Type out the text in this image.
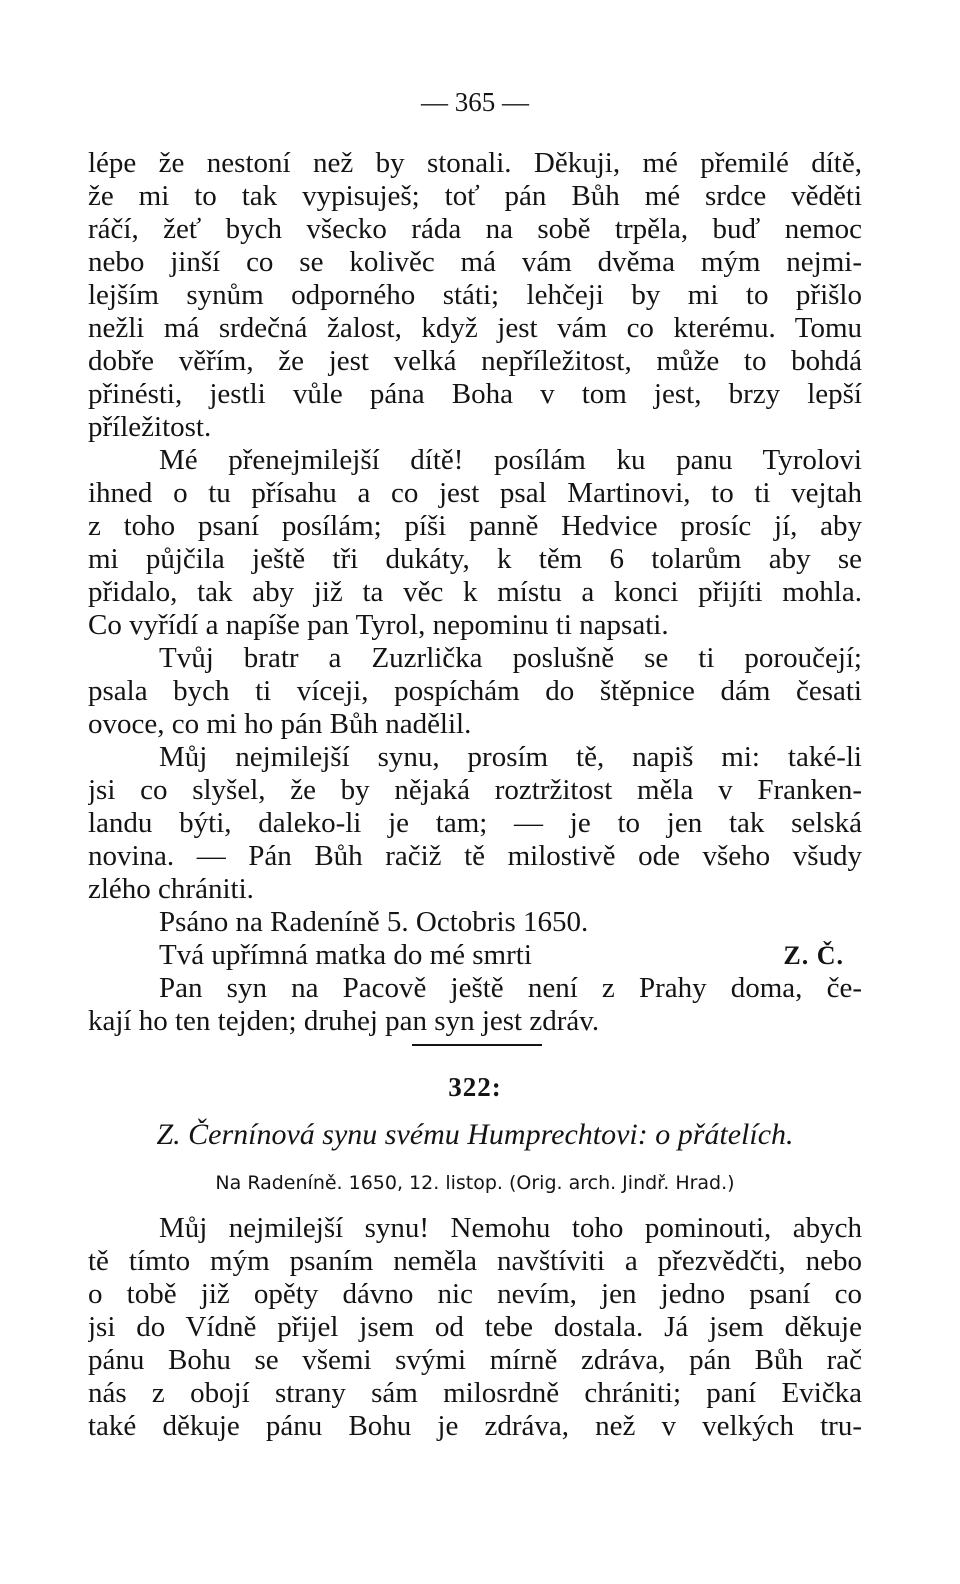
— 365 —
lépe že nestoní než by stonali. Děkuji, mé přemilé dítě,
že mi to tak vypisuješ; toť pán Bůh mé srdce věděti
ráčí, žeť bych všecko ráda na sobě trpěla, buď nemoc
nebo jinší co se kolivěc má vám dvěma mým nejmi-
lejším synům odporného státi; lehčeji by mi to přišlo
nežli má srdečná žalost, když jest vám co kterému. Tomu
dobře věřím, že jest velká nepříležitost, může to bohdá
přinésti, jestli vůle pána Boha v tom jest, brzy lepší
příležitost.
Mé přenejmilejší dítě! posílám ku panu Tyrolovi
ihned o tu přísahu a co jest psal Martinovi, to ti vejtah
z toho psaní posílám; píši panně Hedvice prosíc jí, aby
mi půjčila ještě tři dukáty, k těm 6 tolarům aby se
přidalo, tak aby již ta věc k místu a konci přijíti mohla.
Co vyřídí a napíše pan Tyrol, nepominu ti napsati.
Tvůj bratr a Zuzrlička poslušně se ti poroučejí;
psala bych ti víceji, pospíchám do štěpnice dám česati
ovoce, co mi ho pán Bůh nadělil.
Můj nejmilejší synu, prosím tě, napiš mi: také-li
jsi co slyšel, že by nějaká roztržitost měla v Franken-
landu býti, daleko-li je tam; — je to jen tak selská
novina. — Pán Bůh račiž tě milostivě ode všeho všudy
zlého chrániti.
Psáno na Radeníně 5. Octobris 1650.
Tvá upřímná matka do mé smrti	Z. Č.
Pan syn na Pacově ještě není z Prahy doma, če-
kají ho ten tejden; druhej pan syn jest zdráv.
322:
Z. Černínová synu svému Humprechtovi: o přátelích.
Na Radeníně. 1650, 12. listop. (Orig. arch. Jindř. Hrad.)
Můj nejmilejší synu! Nemohu toho pominouti, abych
tě tímto mým psaním neměla navštíviti a přezvědčti, nebo
o tobě již opěty dávno nic nevím, jen jedno psaní co
jsi do Vídně přijel jsem od tebe dostala. Já jsem děkuje
pánu Bohu se všemi svými mírně zdráva, pán Bůh rač
nás z obojí strany sám milosrdně chrániti; paní Evička
také děkuje pánu Bohu je zdráva, než v velkých tru-
